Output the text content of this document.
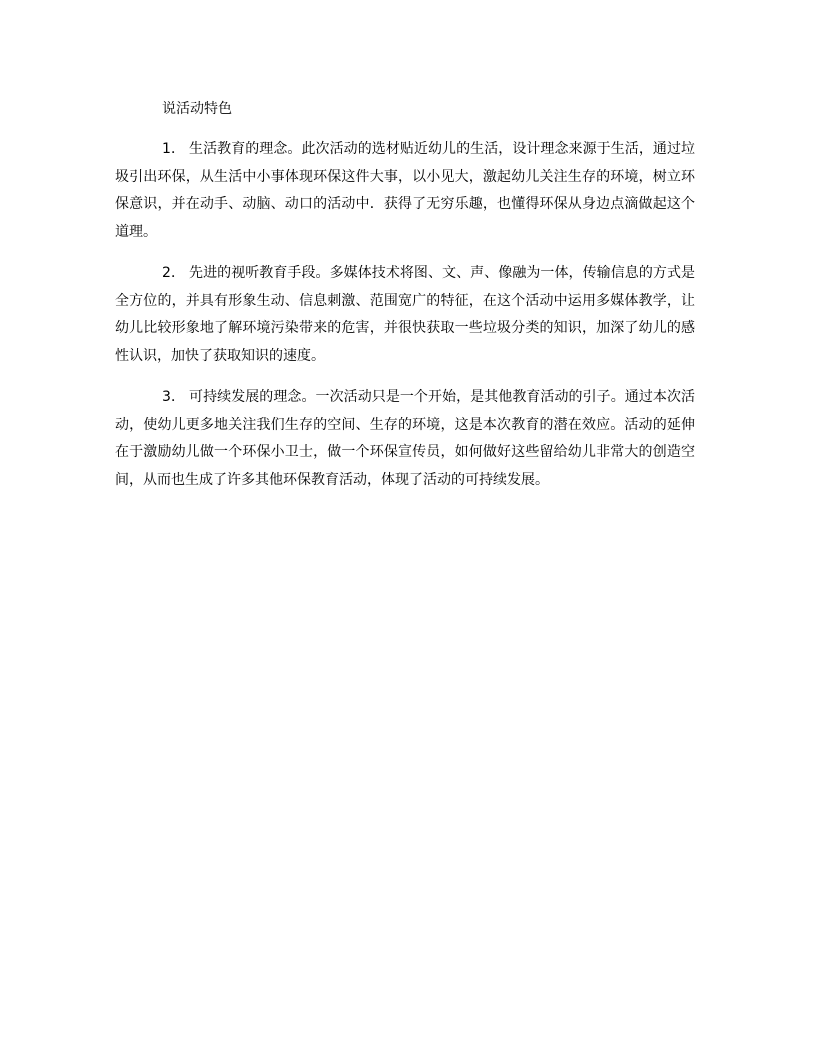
说活动特色

1． 生活教育的理念。此次活动的选材贴近幼儿的生活，设计理念来源于生活，通过垃圾引出环保，从生活中小事体现环保这件大事，以小见大，激起幼儿关注生存的环境，树立环保意识，并在动手、动脑、动口的活动中．获得了无穷乐趣，也懂得环保从身边点滴做起这个道理。

2． 先进的视听教育手段。多媒体技术将图、文、声、像融为一体，传输信息的方式是全方位的，并具有形象生动、信息刺激、范围宽广的特征，在这个活动中运用多媒体教学，让幼儿比较形象地了解环境污染带来的危害，并很快获取一些垃圾分类的知识，加深了幼儿的感性认识，加快了获取知识的速度。

3． 可持续发展的理念。一次活动只是一个开始，是其他教育活动的引子。通过本次活动，使幼儿更多地关注我们生存的空间、生存的环境，这是本次教育的潜在效应。活动的延伸在于激励幼儿做一个环保小卫士，做一个环保宣传员，如何做好这些留给幼儿非常大的创造空间，从而也生成了许多其他环保教育活动，体现了活动的可持续发展。
